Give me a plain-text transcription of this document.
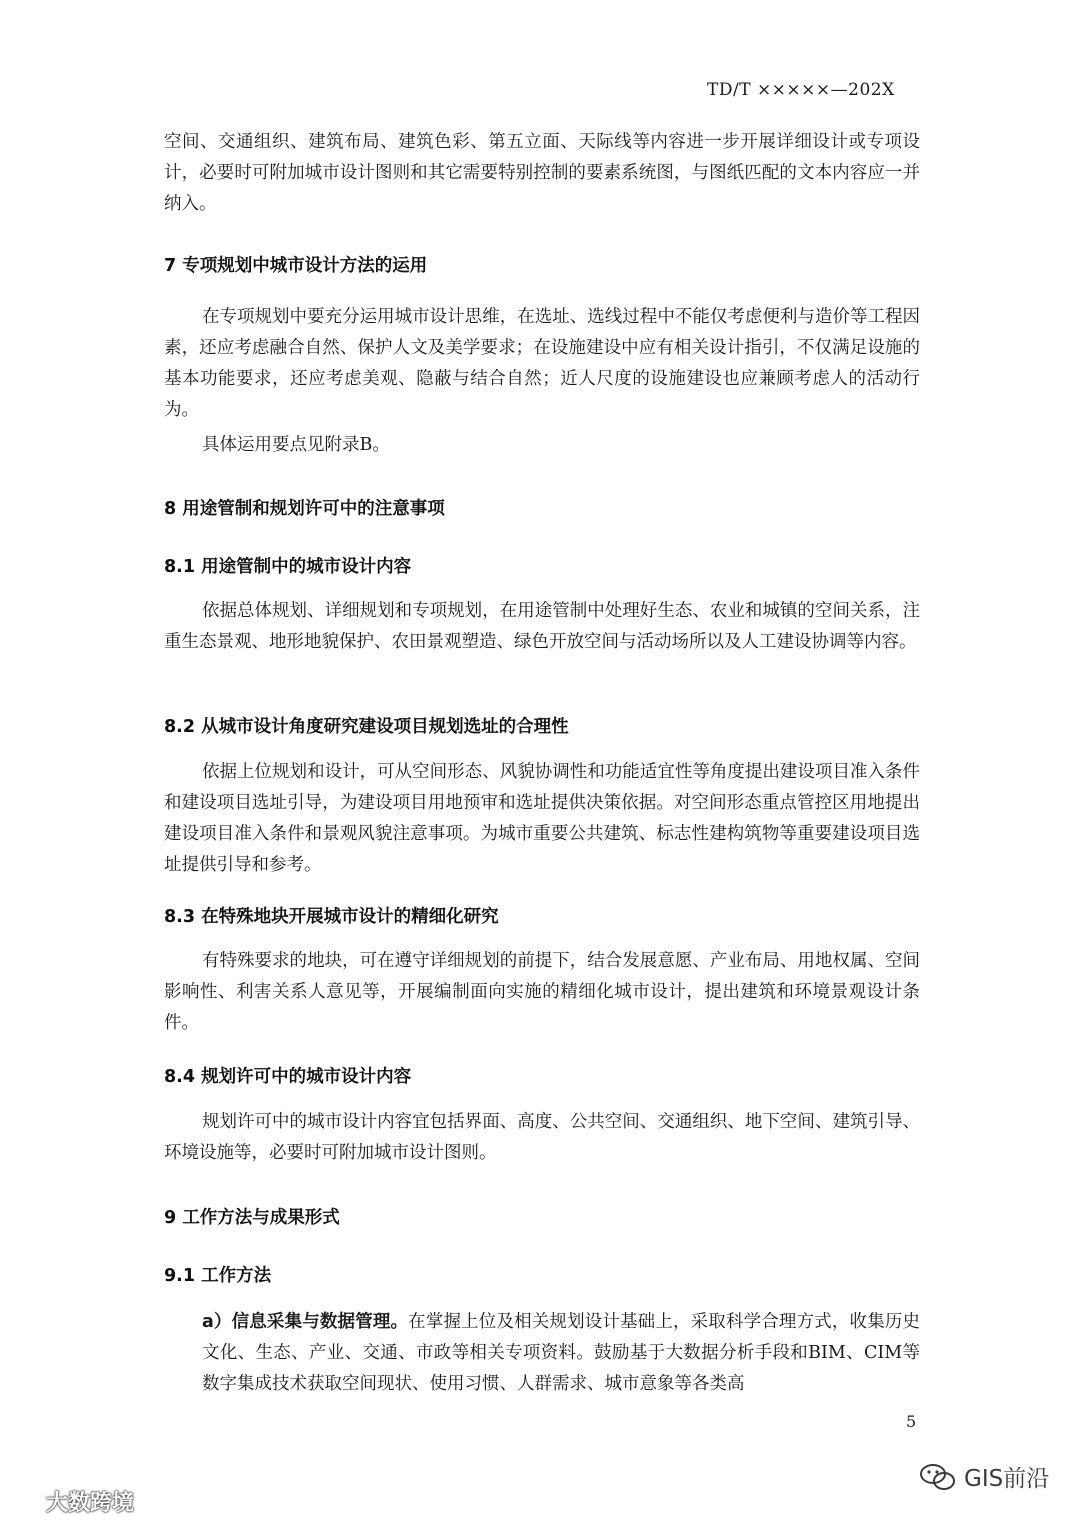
TD/T ×××××—202X
空间、交通组织、建筑布局、建筑色彩、第五立面、天际线等内容进一步开展详细设计或专项设计，必要时可附加城市设计图则和其它需要特别控制的要素系统图，与图纸匹配的文本内容应一并纳入。
7 专项规划中城市设计方法的运用
在专项规划中要充分运用城市设计思维，在选址、选线过程中不能仅考虑便利与造价等工程因素，还应考虑融合自然、保护人文及美学要求；在设施建设中应有相关设计指引，不仅满足设施的基本功能要求，还应考虑美观、隐蔽与结合自然；近人尺度的设施建设也应兼顾考虑人的活动行为。
具体运用要点见附录B。
8 用途管制和规划许可中的注意事项
8.1 用途管制中的城市设计内容
依据总体规划、详细规划和专项规划，在用途管制中处理好生态、农业和城镇的空间关系，注重生态景观、地形地貌保护、农田景观塑造、绿色开放空间与活动场所以及人工建设协调等内容。
8.2 从城市设计角度研究建设项目规划选址的合理性
依据上位规划和设计，可从空间形态、风貌协调性和功能适宜性等角度提出建设项目准入条件和建设项目选址引导，为建设项目用地预审和选址提供决策依据。对空间形态重点管控区用地提出建设项目准入条件和景观风貌注意事项。为城市重要公共建筑、标志性建构筑物等重要建设项目选址提供引导和参考。
8.3 在特殊地块开展城市设计的精细化研究
有特殊要求的地块，可在遵守详细规划的前提下，结合发展意愿、产业布局、用地权属、空间影响性、利害关系人意见等，开展编制面向实施的精细化城市设计，提出建筑和环境景观设计条件。
8.4 规划许可中的城市设计内容
规划许可中的城市设计内容宜包括界面、高度、公共空间、交通组织、地下空间、建筑引导、环境设施等，必要时可附加城市设计图则。
9 工作方法与成果形式
9.1 工作方法
a）信息采集与数据管理。在掌握上位及相关规划设计基础上，采取科学合理方式，收集历史文化、生态、产业、交通、市政等相关专项资料。鼓励基于大数据分析手段和BIM、CIM等数字集成技术获取空间现状、使用习惯、人群需求、城市意象等各类高
5
大数跨境
GIS前沿
